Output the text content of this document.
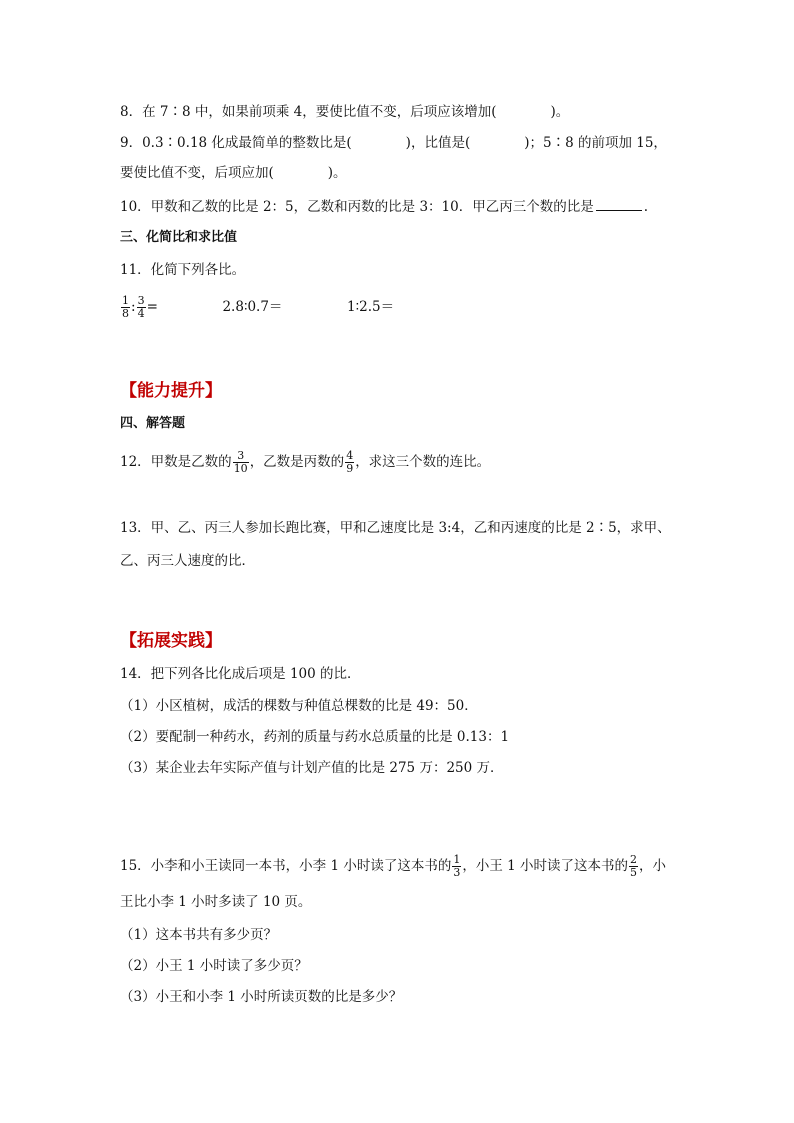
8．在 7∶8 中，如果前项乘 4，要使比值不变，后项应该增加(　　　　)。
9．0.3∶0.18 化成最简单的整数比是(　　　　)，比值是(　　　　)；5∶8 的前项加 15，
要使比值不变，后项应加(　　　　)。
10．甲数和乙数的比是 2：5，乙数和丙数的比是 3：10．甲乙丙三个数的比是	.
三、化简比和求比值
11．化简下列各比。
$\frac{1}{8}$ : $\frac{3}{4}$ =	2.8∶0.7＝	1∶2.5＝
【能力提升】
四、解答题
12．甲数是乙数的 $\frac{3}{10}$ ，乙数是丙数的 $\frac{4}{9}$ ，求这三个数的连比。
13．甲、乙、丙三人参加长跑比赛，甲和乙速度比是 3:4，乙和丙速度的比是 2∶5，求甲、
乙、丙三人速度的比．
【拓展实践】
14．把下列各比化成后项是 100 的比．
（1）小区植树，成活的棵数与种值总棵数的比是 49：50．
（2）要配制一种药水，药剂的质量与药水总质量的比是 0.13：1
（3）某企业去年实际产值与计划产值的比是 275 万：250 万．
15．小李和小王读同一本书，小李 1 小时读了这本书的 $\frac{1}{3}$ ，小王 1 小时读了这本书的 $\frac{2}{5}$ ，小
王比小李 1 小时多读了 10 页。
（1）这本书共有多少页？
（2）小王 1 小时读了多少页？
（3）小王和小李 1 小时所读页数的比是多少？
